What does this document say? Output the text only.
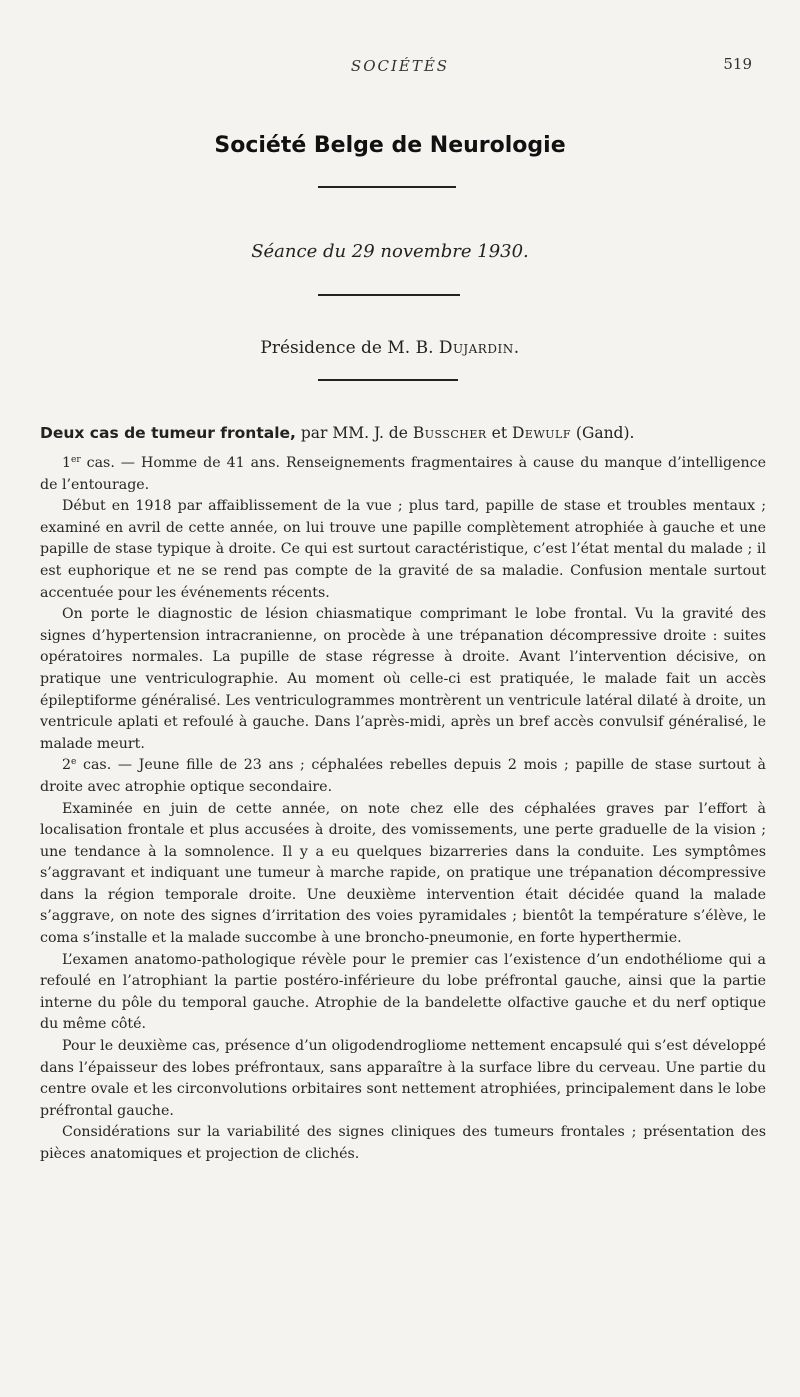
SOCIÉTÉS	519
Société Belge de Neurologie
Séance du 29 novembre 1930.
Présidence de M. B. Dujardin.
Deux cas de tumeur frontale, par MM. J. de Busscher et Dewulf (Gand).

1er cas. — Homme de 41 ans. Renseignements fragmentaires à cause du manque d’intelligence de l’entourage.

Début en 1918 par affaiblissement de la vue ; plus tard, papille de stase et troubles mentaux ; examiné en avril de cette année, on lui trouve une papille complètement atrophiée à gauche et une papille de stase typique à droite. Ce qui est surtout caractéristique, c’est l’état mental du malade ; il est euphorique et ne se rend pas compte de la gravité de sa maladie. Confusion mentale surtout accentuée pour les événements récents.

On porte le diagnostic de lésion chiasmatique comprimant le lobe frontal. Vu la gravité des signes d’hypertension intracranienne, on procède à une trépanation décompressive droite : suites opératoires normales. La pupille de stase régresse à droite. Avant l’intervention décisive, on pratique une ventriculographie. Au moment où celle-ci est pratiquée, le malade fait un accès épileptiforme généralisé. Les ventriculogrammes montrèrent un ventricule latéral dilaté à droite, un ventricule aplati et refoulé à gauche. Dans l’après-midi, après un bref accès convulsif généralisé, le malade meurt.

2e cas. — Jeune fille de 23 ans ; céphalées rebelles depuis 2 mois ; papille de stase surtout à droite avec atrophie optique secondaire.

Examinée en juin de cette année, on note chez elle des céphalées graves par l’effort à localisation frontale et plus accusées à droite, des vomissements, une perte graduelle de la vision ; une tendance à la somnolence. Il y a eu quelques bizarreries dans la conduite. Les symptômes s’aggravant et indiquant une tumeur à marche rapide, on pratique une trépanation décompressive dans la région temporale droite. Une deuxième intervention était décidée quand la malade s’aggrave, on note des signes d’irritation des voies pyramidales ; bientôt la température s’élève, le coma s’installe et la malade succombe à une broncho-pneumonie, en forte hyperthermie.

L’examen anatomo-pathologique révèle pour le premier cas l’existence d’un endothéliome qui a refoulé en l’atrophiant la partie postéro-inférieure du lobe préfrontal gauche, ainsi que la partie interne du pôle du temporal gauche. Atrophie de la bandelette olfactive gauche et du nerf optique du même côté.

Pour le deuxième cas, présence d’un oligodendrogliome nettement encapsulé qui s’est développé dans l’épaisseur des lobes préfrontaux, sans apparaître à la surface libre du cerveau. Une partie du centre ovale et les circonvolutions orbitaires sont nettement atrophiées, principalement dans le lobe préfrontal gauche.

Considérations sur la variabilité des signes cliniques des tumeurs frontales ; présentation des pièces anatomiques et projection de clichés.
